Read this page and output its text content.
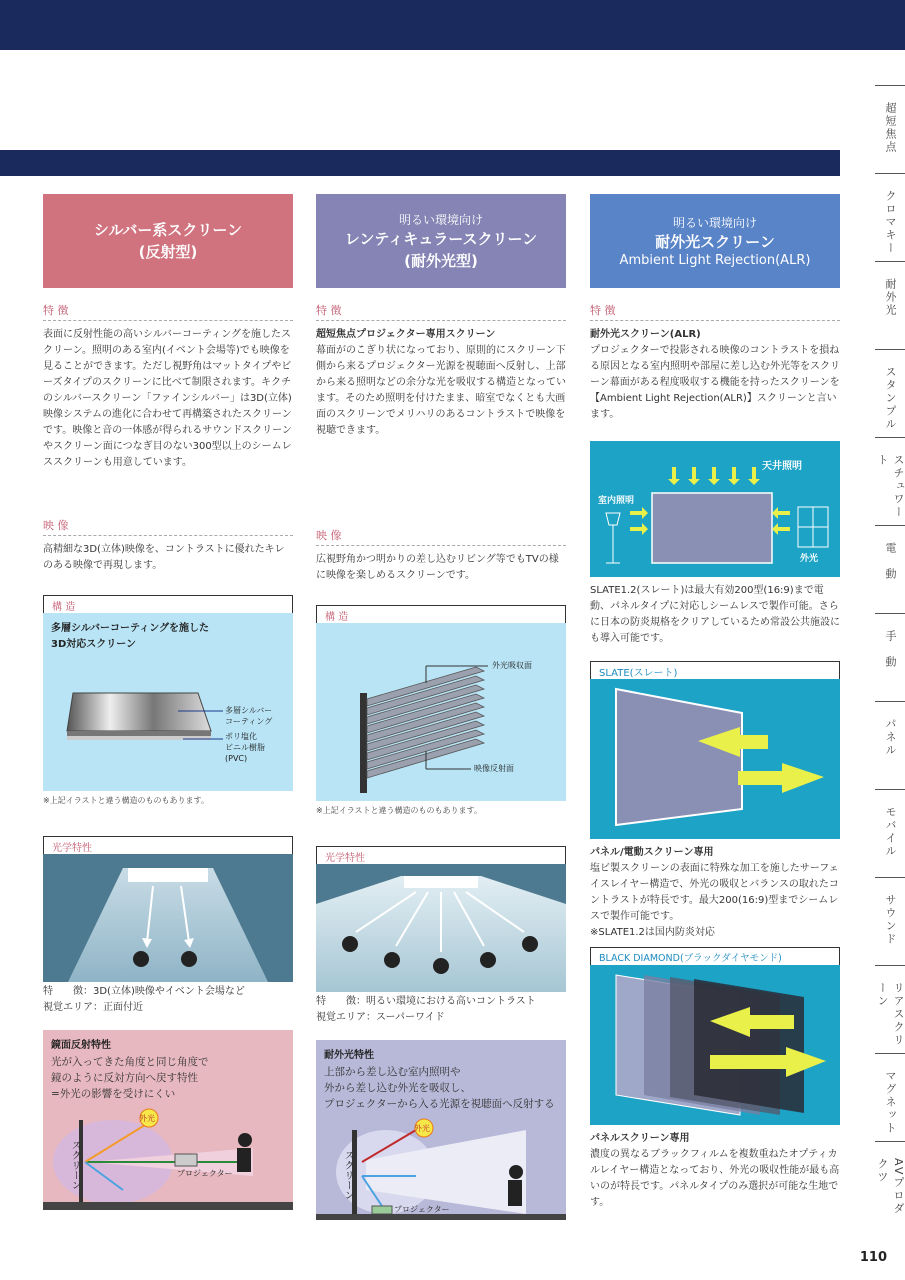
超短焦点
クロマキー
耐外光
スタンプル
スチュワート
電　動
手　動
パネル
モバイル
サウンド
リアスクリーン
マグネット
AVプロダクツ
110
シルバー系スクリーン
(反射型)
特 徴
表面に反射性能の高いシルバーコーティングを施したスクリーン。照明のある室内(イベント会場等)でも映像を見ることができます。ただし視野角はマットタイプやビーズタイプのスクリーンに比べて制限されます。キクチのシルバースクリーン「ファインシルバー」は3D(立体)映像システムの進化に合わせて再構築されたスクリーンです。映像と音の一体感が得られるサウンドスクリーンやスクリーン面につなぎ目のない300型以上のシームレススクリーンも用意しています。
映 像
高精細な3D(立体)映像を、コントラストに優れたキレのある映像で再現します。
構 造
多層シルバーコーティングを施した
3D対応スクリーン
多層シルバー
コーティング
ポリ塩化
ビニル樹脂
(PVC)
※上記イラストと違う構造のものもあります。
光学特性
特　　徴：3D(立体)映像やイベント会場など
視覚エリア：正面付近
鏡面反射特性
光が入ってきた角度と同じ角度で
鏡のように反対方向へ戻す特性
=外光の影響を受けにくい
外光
スクリーン	プロジェクター
明るい環境向け
レンティキュラースクリーン
(耐外光型)
特 徴
超短焦点プロジェクター専用スクリーン
幕面がのこぎり状になっており、原則的にスクリーン下側から来るプロジェクター光源を視聴面へ反射し、上部から来る照明などの余分な光を吸収する構造となっています。そのため照明を付けたまま、暗室でなくとも大画面のスクリーンでメリハリのあるコントラストで映像を視聴できます。
映 像
広視野角かつ明かりの差し込むリビング等でもTVの様に映像を楽しめるスクリーンです。
構 造
外光吸収面
映像反射面
※上記イラストと違う構造のものもあります。
光学特性
特　　徴：明るい環境における高いコントラスト
視覚エリア：スーパーワイド
耐外光特性
上部から差し込む室内照明や
外から差し込む外光を吸収し、
プロジェクターから入る光源を視聴面へ反射する
外光
スクリーン
プロジェクター
明るい環境向け
耐外光スクリーン
Ambient Light Rejection(ALR)
特 徴
耐外光スクリーン(ALR)
プロジェクターで投影される映像のコントラストを損ねる原因となる室内照明や部屋に差し込む外光等をスクリーン幕面がある程度吸収する機能を持ったスクリーンを【Ambient Light Rejection(ALR)】スクリーンと言います。
天井照明
室内照明
外光
SLATE1.2(スレート)は最大有効200型(16:9)まで電動、パネルタイプに対応しシームレスで製作可能。さらに日本の防炎規格をクリアしているため常設公共施設にも導入可能です。
SLATE(スレート)
パネル/電動スクリーン専用
塩ビ製スクリーンの表面に特殊な加工を施したサーフェイスレイヤー構造で、外光の吸収とバランスの取れたコントラストが特長です。最大200(16:9)型までシームレスで製作可能です。
※SLATE1.2は国内防炎対応
BLACK DIAMOND(ブラックダイヤモンド)
パネルスクリーン専用
濃度の異なるブラックフィルムを複数重ねたオプティカルレイヤー構造となっており、外光の吸収性能が最も高いのが特長です。パネルタイプのみ選択が可能な生地です。
